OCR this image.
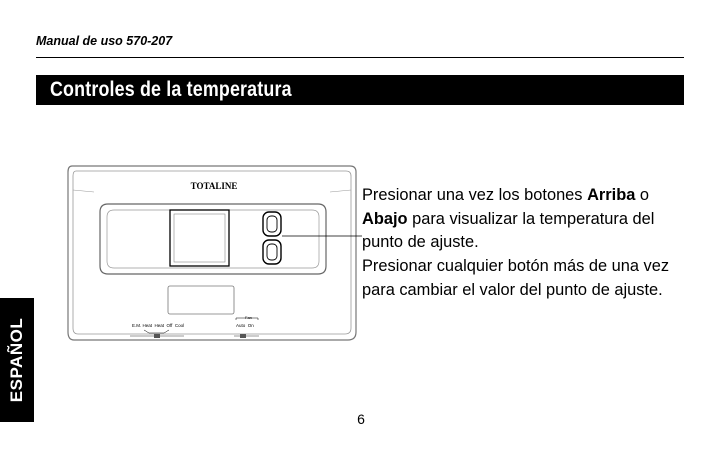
Manual de uso 570-207
Controles de la temperatura
TOTALINE
E.M. Heat  Heat  Off  Cool
Fan
Auto  On

Presionar una vez los botones Arriba o Abajo para visualizar la temperatura del punto de ajuste.

Presionar cualquier botón más de una vez para cambiar el valor del punto de ajuste.

6
ESPAÑOL
